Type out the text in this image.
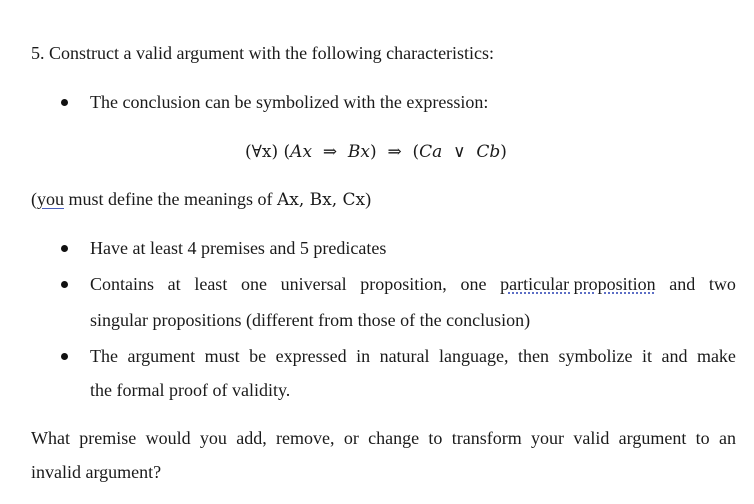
5. Construct a valid argument with the following characteristics:
The conclusion can be symbolized with the expression:
(∀x) (Ax ⇒ Bx) ⇒ (Ca ∨ Cb)
(you must define the meanings of Ax, Bx, Cx)
Have at least 4 premises and 5 predicates
Contains at least one universal proposition, one particular proposition and two
singular propositions (different from those of the conclusion)
The argument must be expressed in natural language, then symbolize it and make
the formal proof of validity.
What premise would you add, remove, or change to transform your valid argument to an
invalid argument?
